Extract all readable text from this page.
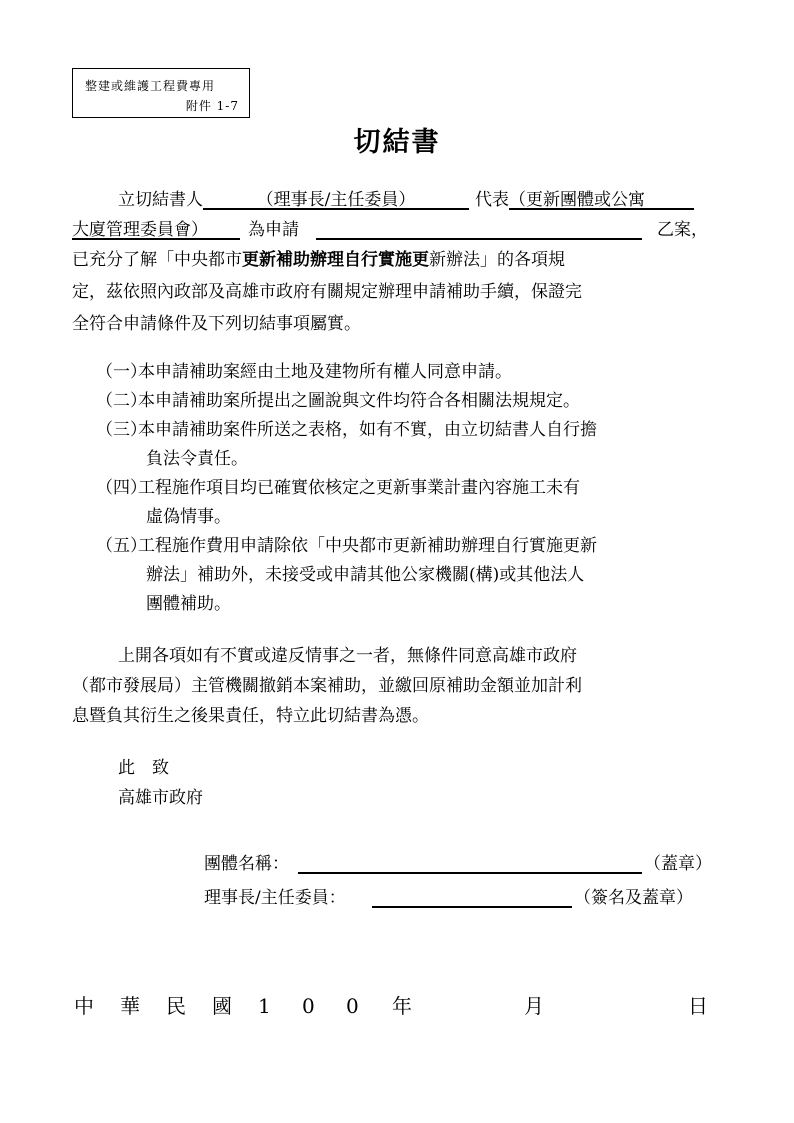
整建或維護工程費專用
附件 1-7
切結書
立切結書人	（理事長/主任委員）	代表（更新團體或公寓
大廈管理委員會） 為申請	乙案，
已充分了解「中央都市更新補助辦理自行實施更新辦法」的各項規
定，茲依照內政部及高雄市政府有關規定辦理申請補助手續，保證完
全符合申請條件及下列切結事項屬實。
（一）本申請補助案經由土地及建物所有權人同意申請。
（二）本申請補助案所提出之圖說與文件均符合各相關法規規定。
（三）本申請補助案件所送之表格，如有不實，由立切結書人自行擔
負法令責任。
（四）工程施作項目均已確實依核定之更新事業計畫內容施工未有
虛偽情事。
（五）工程施作費用申請除依「中央都市更新補助辦理自行實施更新
辦法」補助外，未接受或申請其他公家機關(構)或其他法人
團體補助。
上開各項如有不實或違反情事之一者，無條件同意高雄市政府
（都市發展局）主管機關撤銷本案補助，並繳回原補助金額並加計利
息暨負其衍生之後果責任，特立此切結書為憑。
此　致
高雄市政府
團體名稱：	（蓋章）
理事長/主任委員：	（簽名及蓋章）
中 華 民 國 1 0 0 年	月	日
